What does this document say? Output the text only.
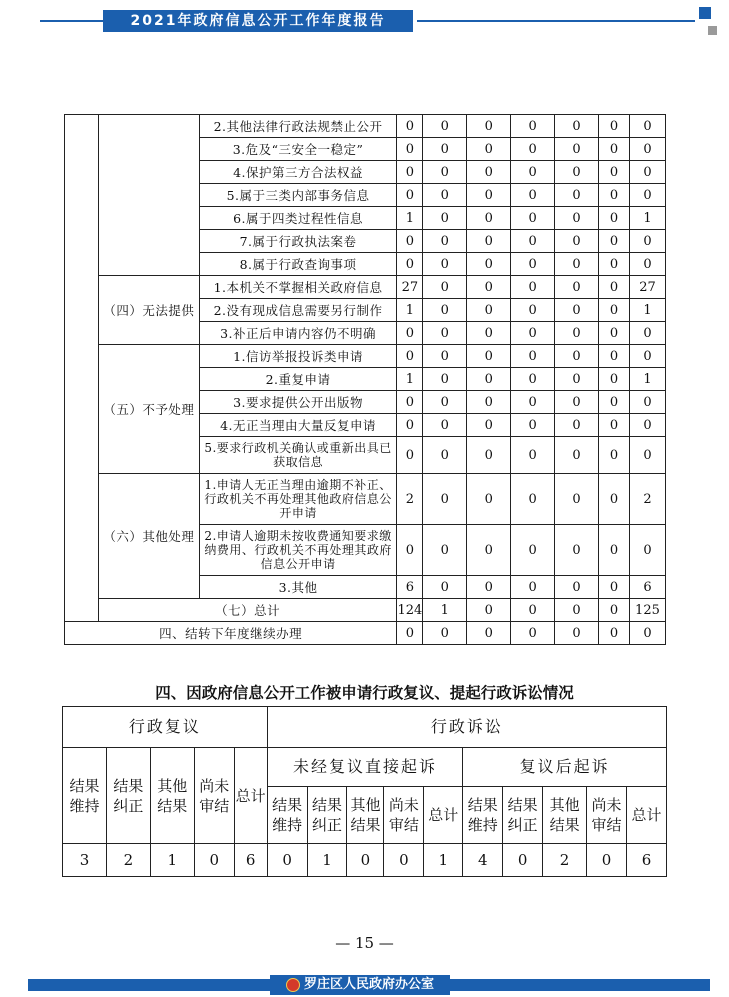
2021年政府信息公开工作年度报告
		2.其他法律行政法规禁止公开	0	0	0	0	0	0	0
		3.危及“三安全一稳定”	0	0	0	0	0	0	0
		4.保护第三方合法权益	0	0	0	0	0	0	0
		5.属于三类内部事务信息	0	0	0	0	0	0	0
		6.属于四类过程性信息	1	0	0	0	0	0	1
		7.属于行政执法案卷	0	0	0	0	0	0	0
		8.属于行政查询事项	0	0	0	0	0	0	0
	（四）无法提供	1.本机关不掌握相关政府信息	27	0	0	0	0	0	27
		2.没有现成信息需要另行制作	1	0	0	0	0	0	1
		3.补正后申请内容仍不明确	0	0	0	0	0	0	0
	（五）不予处理	1.信访举报投诉类申请	0	0	0	0	0	0	0
		2.重复申请	1	0	0	0	0	0	1
		3.要求提供公开出版物	0	0	0	0	0	0	0
		4.无正当理由大量反复申请	0	0	0	0	0	0	0
		5.要求行政机关确认或重新出具已获取信息	0	0	0	0	0	0	0
	（六）其他处理	1.申请人无正当理由逾期不补正、行政机关不再处理其他政府信息公开申请	2	0	0	0	0	0	2
		2.申请人逾期未按收费通知要求缴纳费用、行政机关不再处理其政府信息公开申请	0	0	0	0	0	0	0
		3.其他	6	0	0	0	0	0	6
	（七）总计		124	1	0	0	0	0	125
四、结转下年度继续办理			0	0	0	0	0	0	0
四、因政府信息公开工作被申请行政复议、提起行政诉讼情况
行政复议					行政诉讼									
结果维持	结果纠正	其他结果	尚未审结	总计	未经复议直接起诉					复议后起诉				
					结果维持	结果纠正	其他结果	尚未审结	总计	结果维持	结果纠正	其他结果	尚未审结	总计
3	2	1	0	6	0	1	0	0	1	4	0	2	0	6
— 15 —
罗庄区人民政府办公室
